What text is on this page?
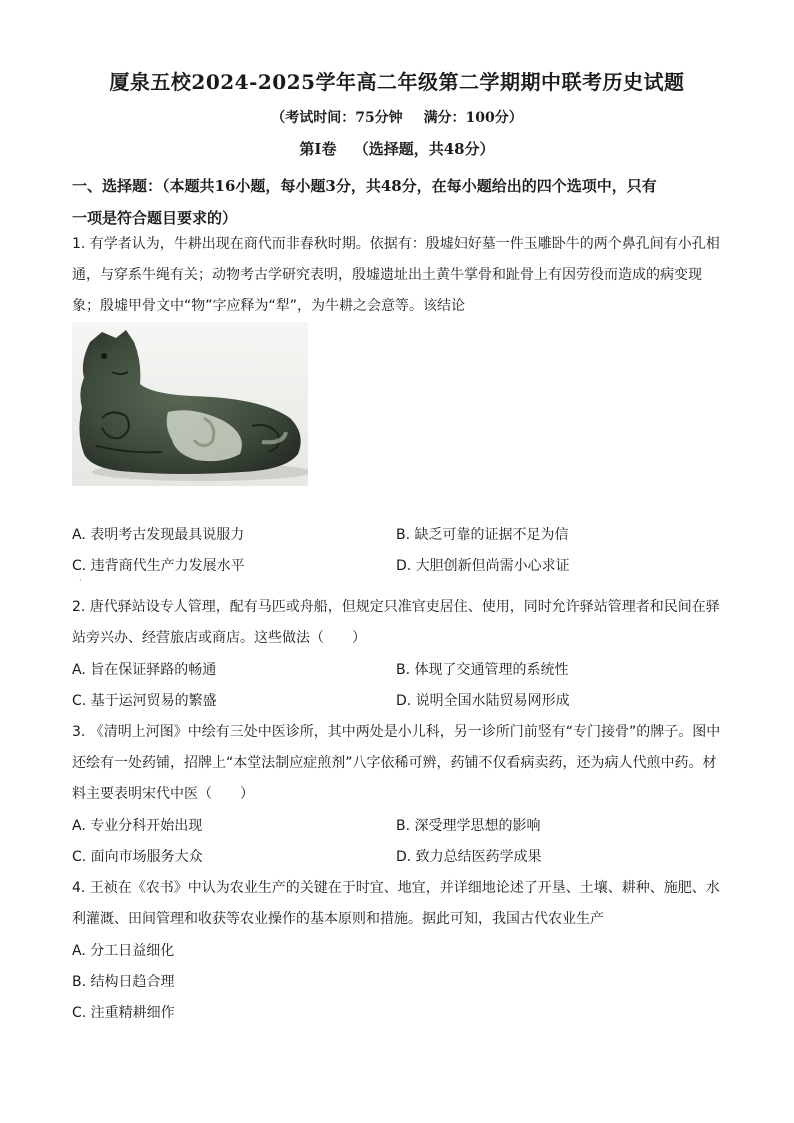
厦泉五校2024-2025学年高二年级第二学期期中联考历史试题
（考试时间：75分钟 满分：100分）
第Ⅰ卷 （选择题，共48分）
一、选择题：（本题共16小题，每小题3分，共48分，在每小题给出的四个选项中，只有
一项是符合题目要求的）
1. 有学者认为，牛耕出现在商代而非春秋时期。依据有：殷墟妇好墓一件玉雕卧牛的两个鼻孔间有小孔相通，与穿系牛绳有关；动物考古学研究表明，殷墟遗址出土黄牛掌骨和趾骨上有因劳役而造成的病变现象；殷墟甲骨文中“物”字应释为“犁”，为牛耕之会意等。该结论
A. 表明考古发现最具说服力	B. 缺乏可靠的证据不足为信
C. 违背商代生产力发展水平	D. 大胆创新但尚需小心求证
·
2. 唐代驿站设专人管理，配有马匹或舟船，但规定只准官吏居住、使用，同时允许驿站管理者和民间在驿站旁兴办、经营旅店或商店。这些做法（　　）
A. 旨在保证驿路的畅通	B. 体现了交通管理的系统性
C. 基于运河贸易的繁盛	D. 说明全国水陆贸易网形成
3. 《清明上河图》中绘有三处中医诊所，其中两处是小儿科，另一诊所门前竖有“专门接骨”的牌子。图中还绘有一处药铺，招牌上“本堂法制应症煎剂”八字依稀可辨，药铺不仅看病卖药，还为病人代煎中药。材料主要表明宋代中医（　　）
A. 专业分科开始出现	B. 深受理学思想的影响
C. 面向市场服务大众	D. 致力总结医药学成果
4. 王祯在《农书》中认为农业生产的关键在于时宜、地宜，并详细地论述了开垦、土壤、耕种、施肥、水利灌溉、田间管理和收获等农业操作的基本原则和措施。据此可知，我国古代农业生产
A. 分工日益细化
B. 结构日趋合理
C. 注重精耕细作
